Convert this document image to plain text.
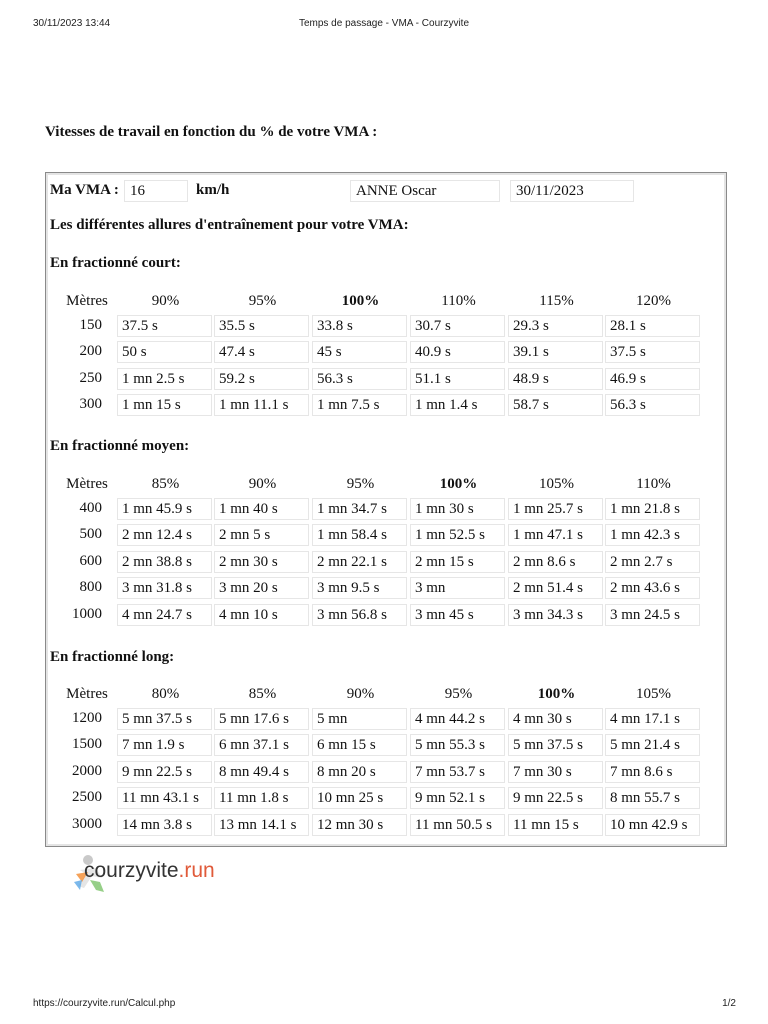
30/11/2023 13:44	Temps de passage - VMA - Courzyvite
Vitesses de travail en fonction du % de votre VMA :
Ma VMA : 16	km/h	ANNE Oscar	30/11/2023
Les différentes allures d'entraînement pour votre VMA:
En fractionné court:
Mètres	90%	95%	100%	110%	115%	120%
150	37.5 s	35.5 s	33.8 s	30.7 s	29.3 s	28.1 s
200	50 s	47.4 s	45 s	40.9 s	39.1 s	37.5 s
250	1 mn 2.5 s	59.2 s	56.3 s	51.1 s	48.9 s	46.9 s
300	1 mn 15 s	1 mn 11.1 s	1 mn 7.5 s	1 mn 1.4 s	58.7 s	56.3 s
En fractionné moyen:
Mètres	85%	90%	95%	100%	105%	110%
400	1 mn 45.9 s	1 mn 40 s	1 mn 34.7 s	1 mn 30 s	1 mn 25.7 s	1 mn 21.8 s
500	2 mn 12.4 s	2 mn 5 s	1 mn 58.4 s	1 mn 52.5 s	1 mn 47.1 s	1 mn 42.3 s
600	2 mn 38.8 s	2 mn 30 s	2 mn 22.1 s	2 mn 15 s	2 mn 8.6 s	2 mn 2.7 s
800	3 mn 31.8 s	3 mn 20 s	3 mn 9.5 s	3 mn	2 mn 51.4 s	2 mn 43.6 s
1000	4 mn 24.7 s	4 mn 10 s	3 mn 56.8 s	3 mn 45 s	3 mn 34.3 s	3 mn 24.5 s
En fractionné long:
Mètres	80%	85%	90%	95%	100%	105%
1200	5 mn 37.5 s	5 mn 17.6 s	5 mn	4 mn 44.2 s	4 mn 30 s	4 mn 17.1 s
1500	7 mn 1.9 s	6 mn 37.1 s	6 mn 15 s	5 mn 55.3 s	5 mn 37.5 s	5 mn 21.4 s
2000	9 mn 22.5 s	8 mn 49.4 s	8 mn 20 s	7 mn 53.7 s	7 mn 30 s	7 mn 8.6 s
2500	11 mn 43.1 s	11 mn 1.8 s	10 mn 25 s	9 mn 52.1 s	9 mn 22.5 s	8 mn 55.7 s
3000	14 mn 3.8 s	13 mn 14.1 s	12 mn 30 s	11 mn 50.5 s	11 mn 15 s	10 mn 42.9 s
courzyvite.run
https://courzyvite.run/Calcul.php	1/2
